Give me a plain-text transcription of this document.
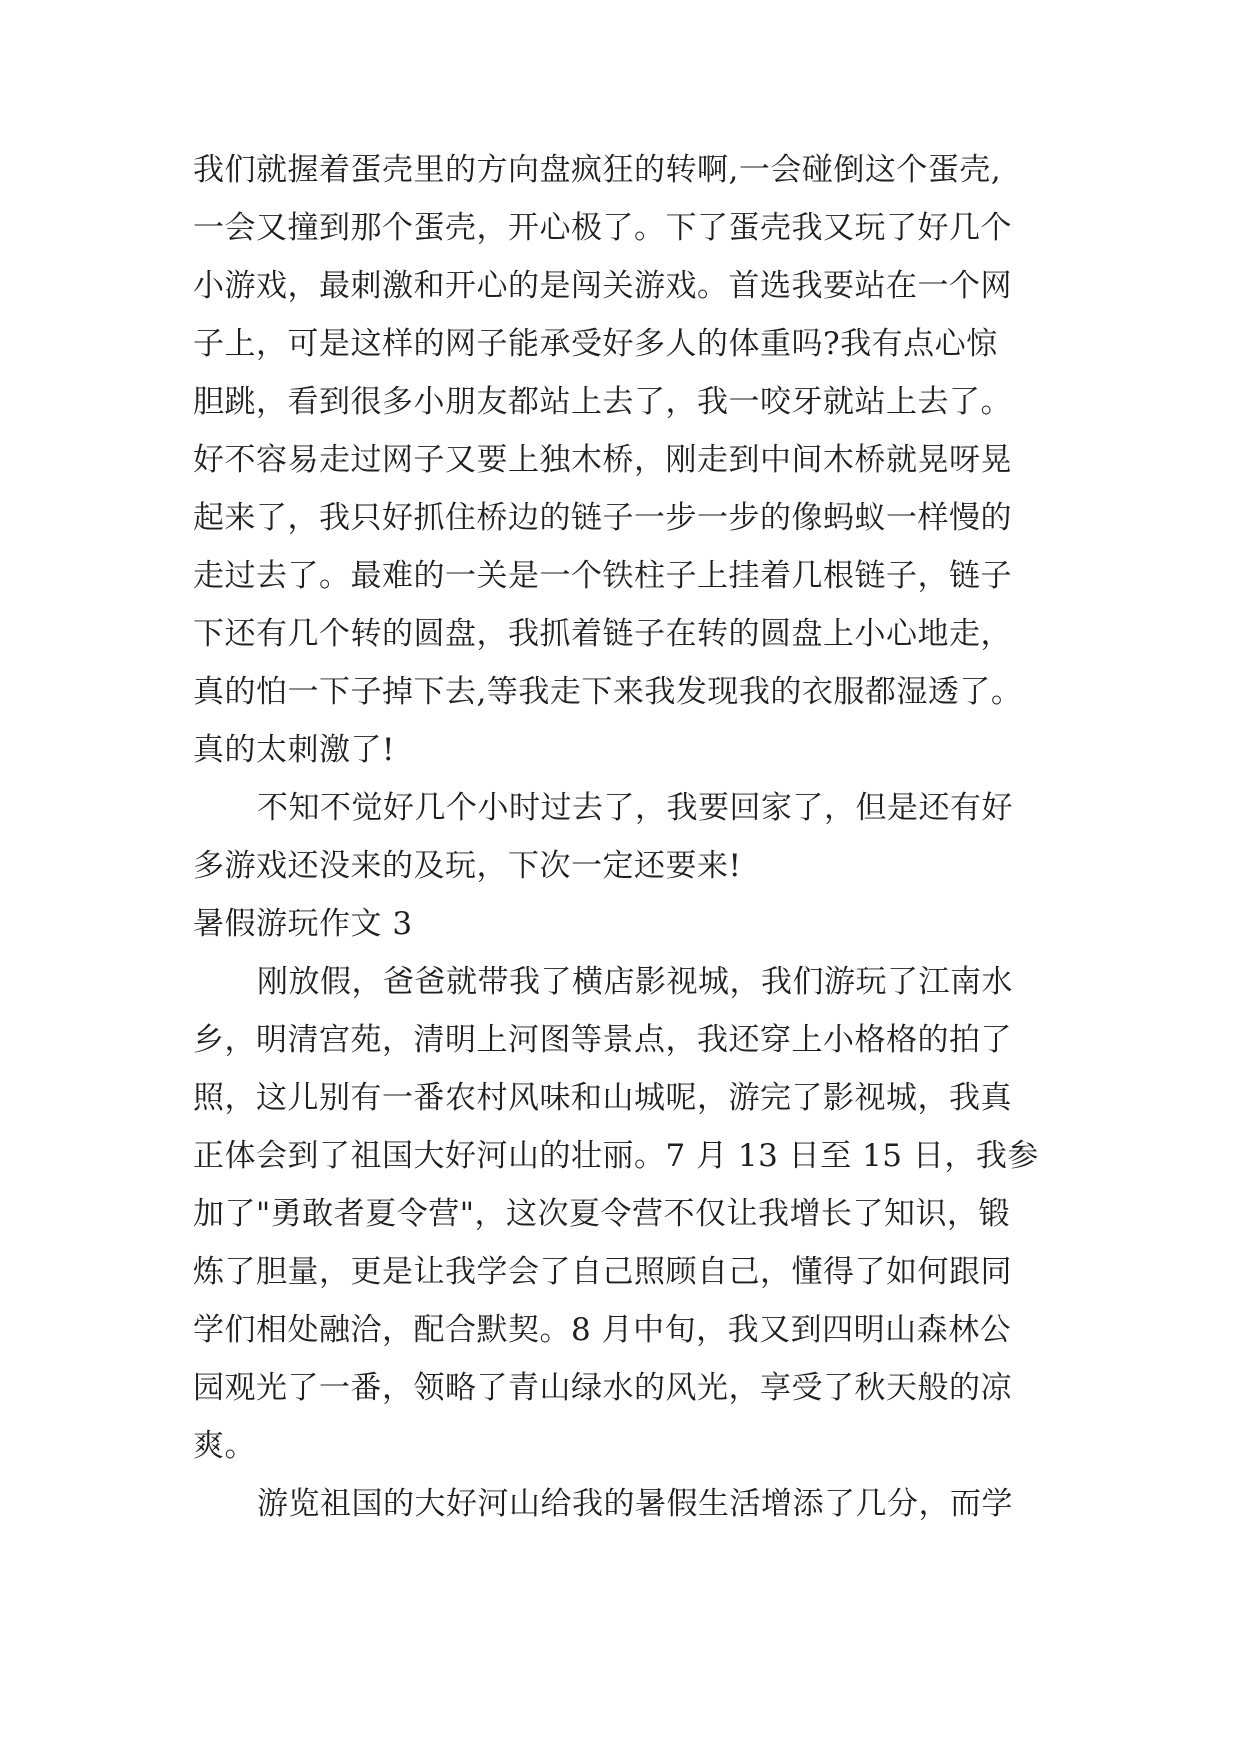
我们就握着蛋壳里的方向盘疯狂的转啊,一会碰倒这个蛋壳,
一会又撞到那个蛋壳，开心极了。下了蛋壳我又玩了好几个
小游戏，最刺激和开心的是闯关游戏。首选我要站在一个网
子上，可是这样的网子能承受好多人的体重吗?我有点心惊
胆跳，看到很多小朋友都站上去了，我一咬牙就站上去了。
好不容易走过网子又要上独木桥，刚走到中间木桥就晃呀晃
起来了，我只好抓住桥边的链子一步一步的像蚂蚁一样慢的
走过去了。最难的一关是一个铁柱子上挂着几根链子，链子
下还有几个转的圆盘，我抓着链子在转的圆盘上小心地走，
真的怕一下子掉下去,等我走下来我发现我的衣服都湿透了。
真的太刺激了!
不知不觉好几个小时过去了，我要回家了，但是还有好
多游戏还没来的及玩，下次一定还要来!
暑假游玩作文 3
刚放假，爸爸就带我了横店影视城，我们游玩了江南水
乡，明清宫苑，清明上河图等景点，我还穿上小格格的拍了
照，这儿别有一番农村风味和山城呢，游完了影视城，我真
正体会到了祖国大好河山的壮丽。7 月 13 日至 15 日，我参
加了"勇敢者夏令营"，这次夏令营不仅让我增长了知识，锻
炼了胆量，更是让我学会了自己照顾自己，懂得了如何跟同
学们相处融洽，配合默契。8 月中旬，我又到四明山森林公
园观光了一番，领略了青山绿水的风光，享受了秋天般的凉
爽。
游览祖国的大好河山给我的暑假生活增添了几分，而学
